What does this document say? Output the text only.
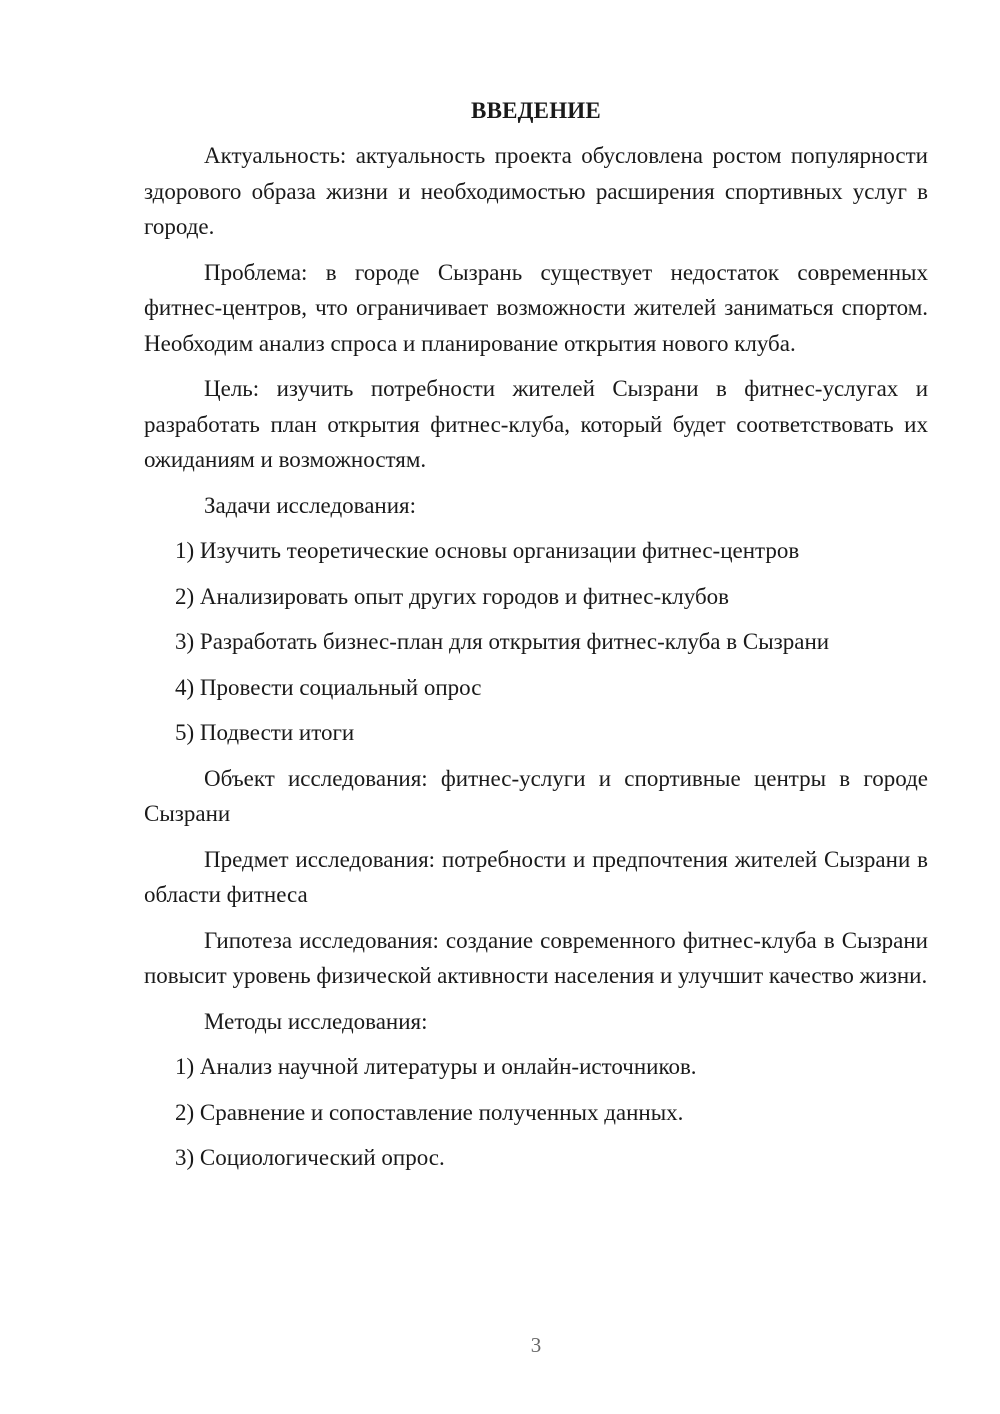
ВВЕДЕНИЕ

Актуальность: актуальность проекта обусловлена ростом популярности здорового образа жизни и необходимостью расширения спортивных услуг в городе.

Проблема: в городе Сызрань существует недостаток современных фитнес-центров, что ограничивает возможности жителей заниматься спортом. Необходим анализ спроса и планирование открытия нового клуба.

Цель: изучить потребности жителей Сызрани в фитнес-услугах и разработать план открытия фитнес-клуба, который будет соответствовать их ожиданиям и возможностям.

Задачи исследования:

1) Изучить теоретические основы организации фитнес-центров
2) Анализировать опыт других городов и фитнес-клубов
3) Разработать бизнес-план для открытия фитнес-клуба в Сызрани
4) Провести социальный опрос
5) Подвести итоги

Объект исследования: фитнес-услуги и спортивные центры в городе Сызрани

Предмет исследования: потребности и предпочтения жителей Сызрани в области фитнеса

Гипотеза исследования: создание современного фитнес-клуба в Сызрани повысит уровень физической активности населения и улучшит качество жизни.

Методы исследования:

1) Анализ научной литературы и онлайн-источников.
2) Сравнение и сопоставление полученных данных.
3) Социологический опрос.
3
